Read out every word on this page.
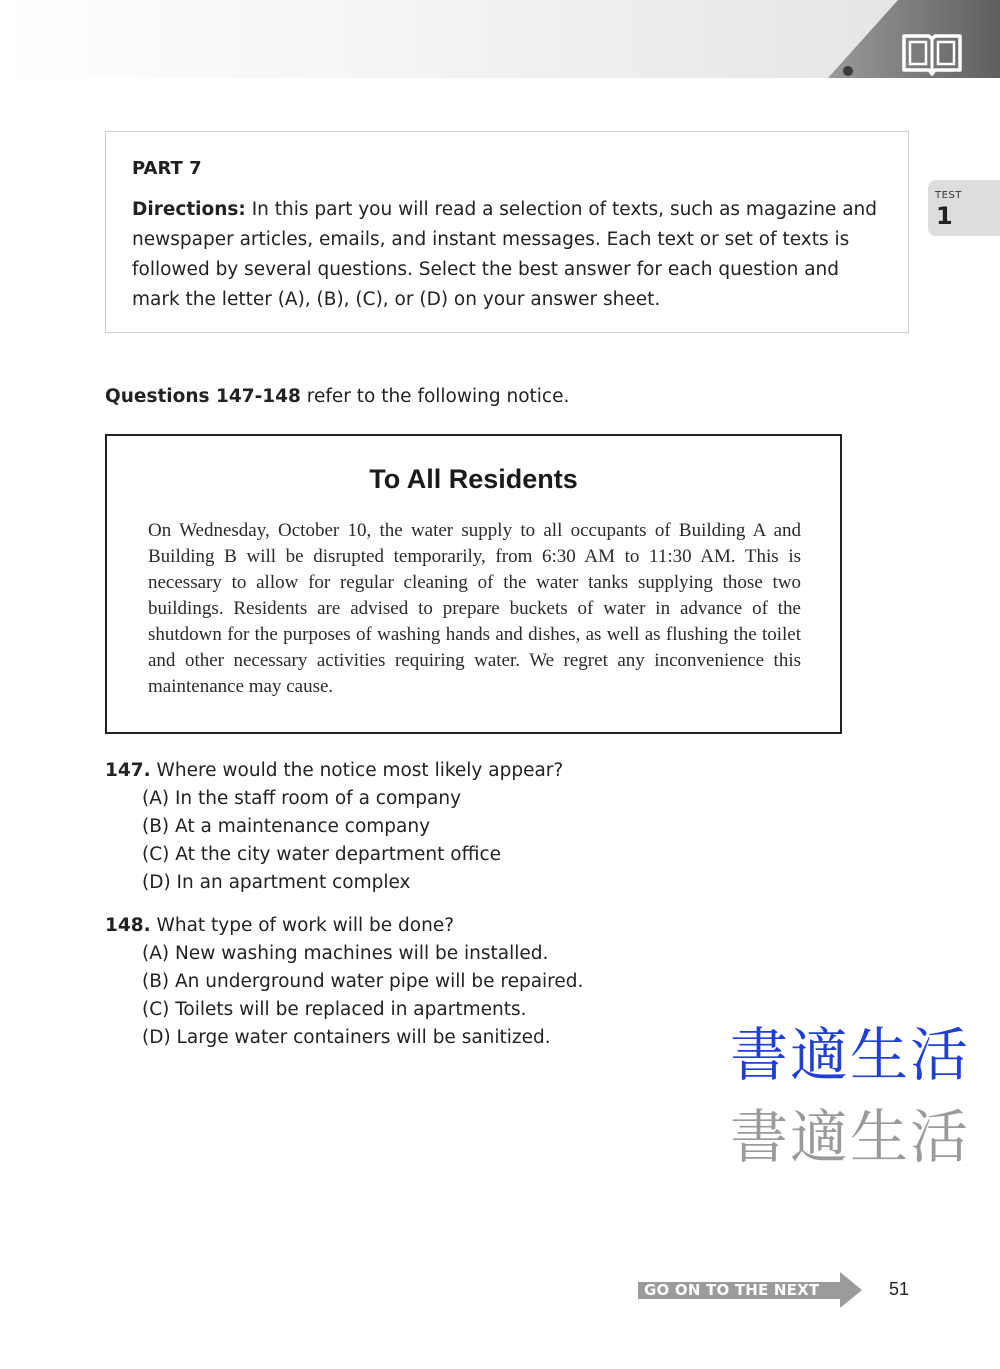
TEST
1
PART 7
Directions: In this part you will read a selection of texts, such as magazine and newspaper articles, emails, and instant messages. Each text or set of texts is followed by several questions. Select the best answer for each question and mark the letter (A), (B), (C), or (D) on your answer sheet.
Questions 147-148 refer to the following notice.
To All Residents
On Wednesday, October 10, the water supply to all occupants of Building A and Building B will be disrupted temporarily, from 6:30 AM to 11:30 AM. This is necessary to allow for regular cleaning of the water tanks supplying those two buildings. Residents are advised to prepare buckets of water in advance of the shutdown for the purposes of washing hands and dishes, as well as flushing the toilet and other necessary activities requiring water. We regret any inconvenience this maintenance may cause.
147. Where would the notice most likely appear?
(A) In the staff room of a company
(B) At a maintenance company
(C) At the city water department office
(D) In an apartment complex
148. What type of work will be done?
(A) New washing machines will be installed.
(B) An underground water pipe will be repaired.
(C) Toilets will be replaced in apartments.
(D) Large water containers will be sanitized.	書適生活
書適生活
GO ON TO THE NEXT PAGE
51
